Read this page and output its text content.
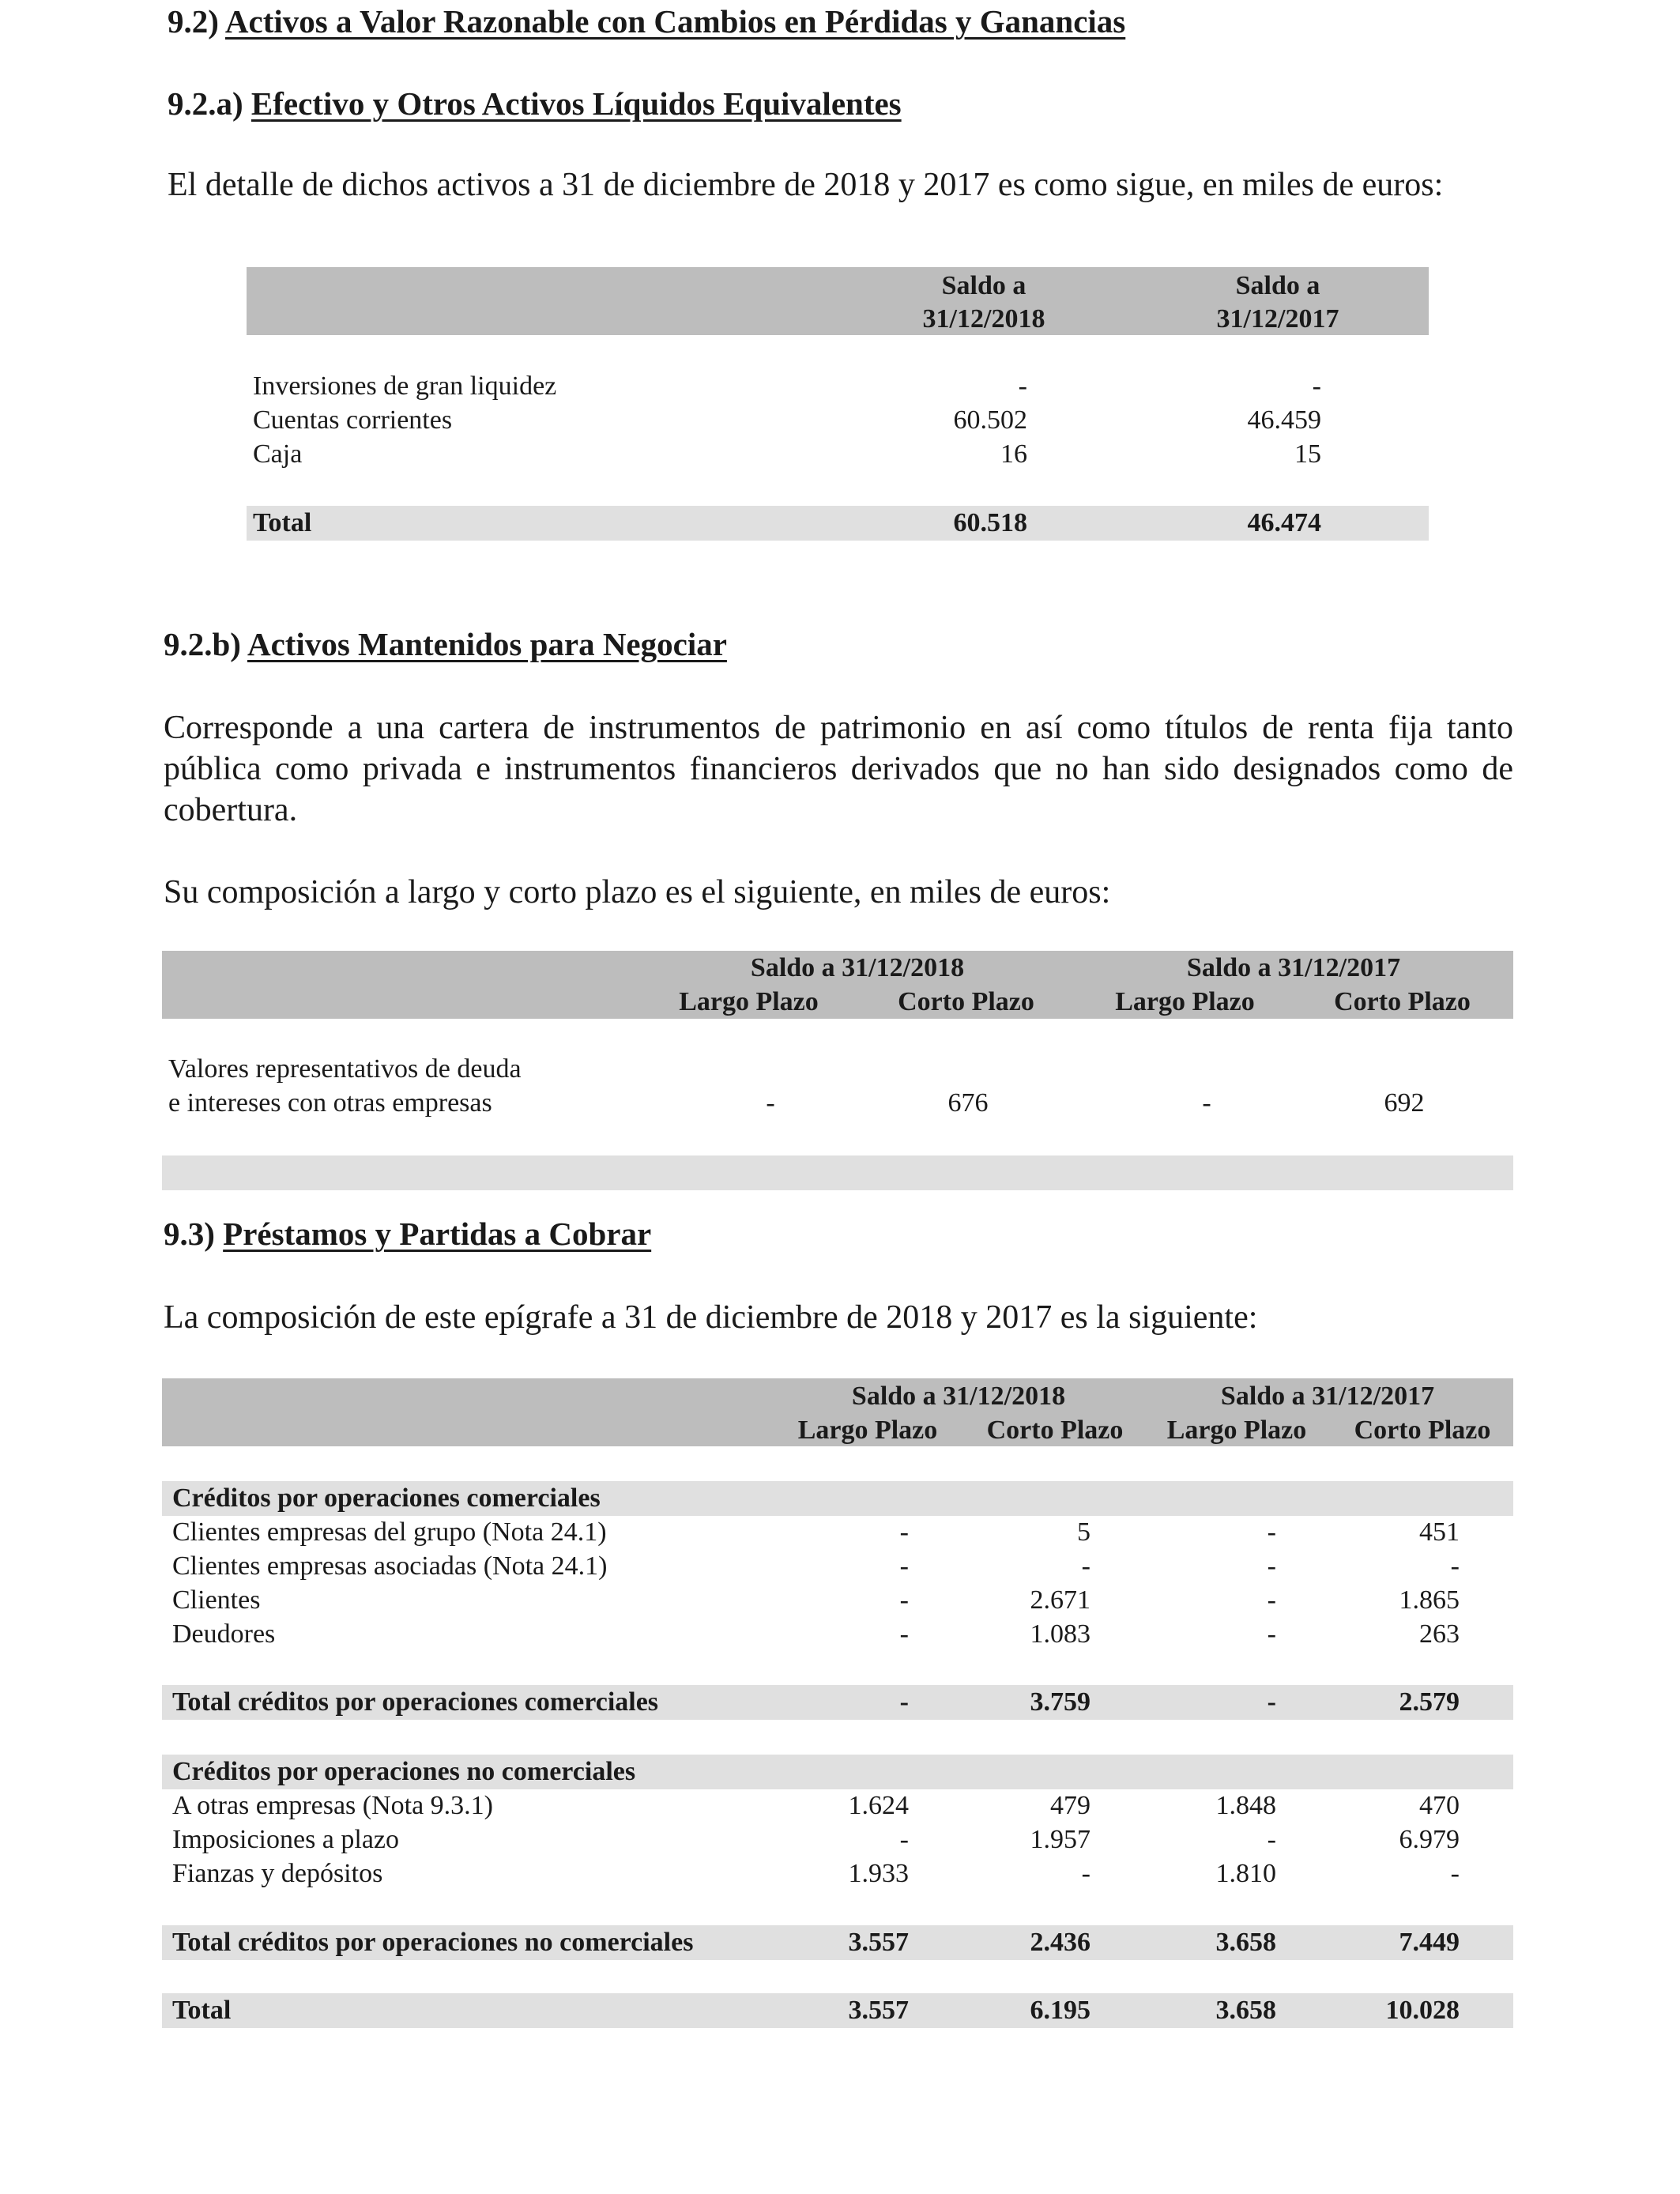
9.2) Activos a Valor Razonable con Cambios en Pérdidas y Ganancias
9.2.a) Efectivo y Otros Activos Líquidos Equivalentes
El detalle de dichos activos a 31 de diciembre de 2018 y 2017 es como sigue, en miles de euros:
Saldo a
31/12/2018
Saldo a
31/12/2017
Inversiones de gran liquidez	-	-
Cuentas corrientes	60.502	46.459
Caja	16	15
Total	60.518	46.474
9.2.b) Activos Mantenidos para Negociar
Corresponde a una cartera de instrumentos de patrimonio en así como títulos de renta fija tanto pública como privada e instrumentos financieros derivados que no han sido designados como de cobertura.
Su composición a largo y corto plazo es el siguiente, en miles de euros:
Saldo a 31/12/2018	Saldo a 31/12/2017
Largo Plazo	Corto Plazo	Largo Plazo	Corto Plazo
Valores representativos de deuda
e intereses con otras empresas	-	676	-	692
9.3) Préstamos y Partidas a Cobrar
La composición de este epígrafe a 31 de diciembre de 2018 y 2017 es la siguiente:
Saldo a 31/12/2018	Saldo a 31/12/2017
Largo Plazo	Corto Plazo	Largo Plazo	Corto Plazo
Créditos por operaciones comerciales
Clientes empresas del grupo (Nota 24.1)	-	5	-	451
Clientes empresas asociadas (Nota 24.1)	-	-	-	-
Clientes	-	2.671	-	1.865
Deudores	-	1.083	-	263
Total créditos por operaciones comerciales	-	3.759	-	2.579
Créditos por operaciones no comerciales
A otras empresas (Nota 9.3.1)	1.624	479	1.848	470
Imposiciones a plazo	-	1.957	-	6.979
Fianzas y depósitos	1.933	-	1.810	-
Total créditos por operaciones no comerciales	3.557	2.436	3.658	7.449
Total	3.557	6.195	3.658	10.028
